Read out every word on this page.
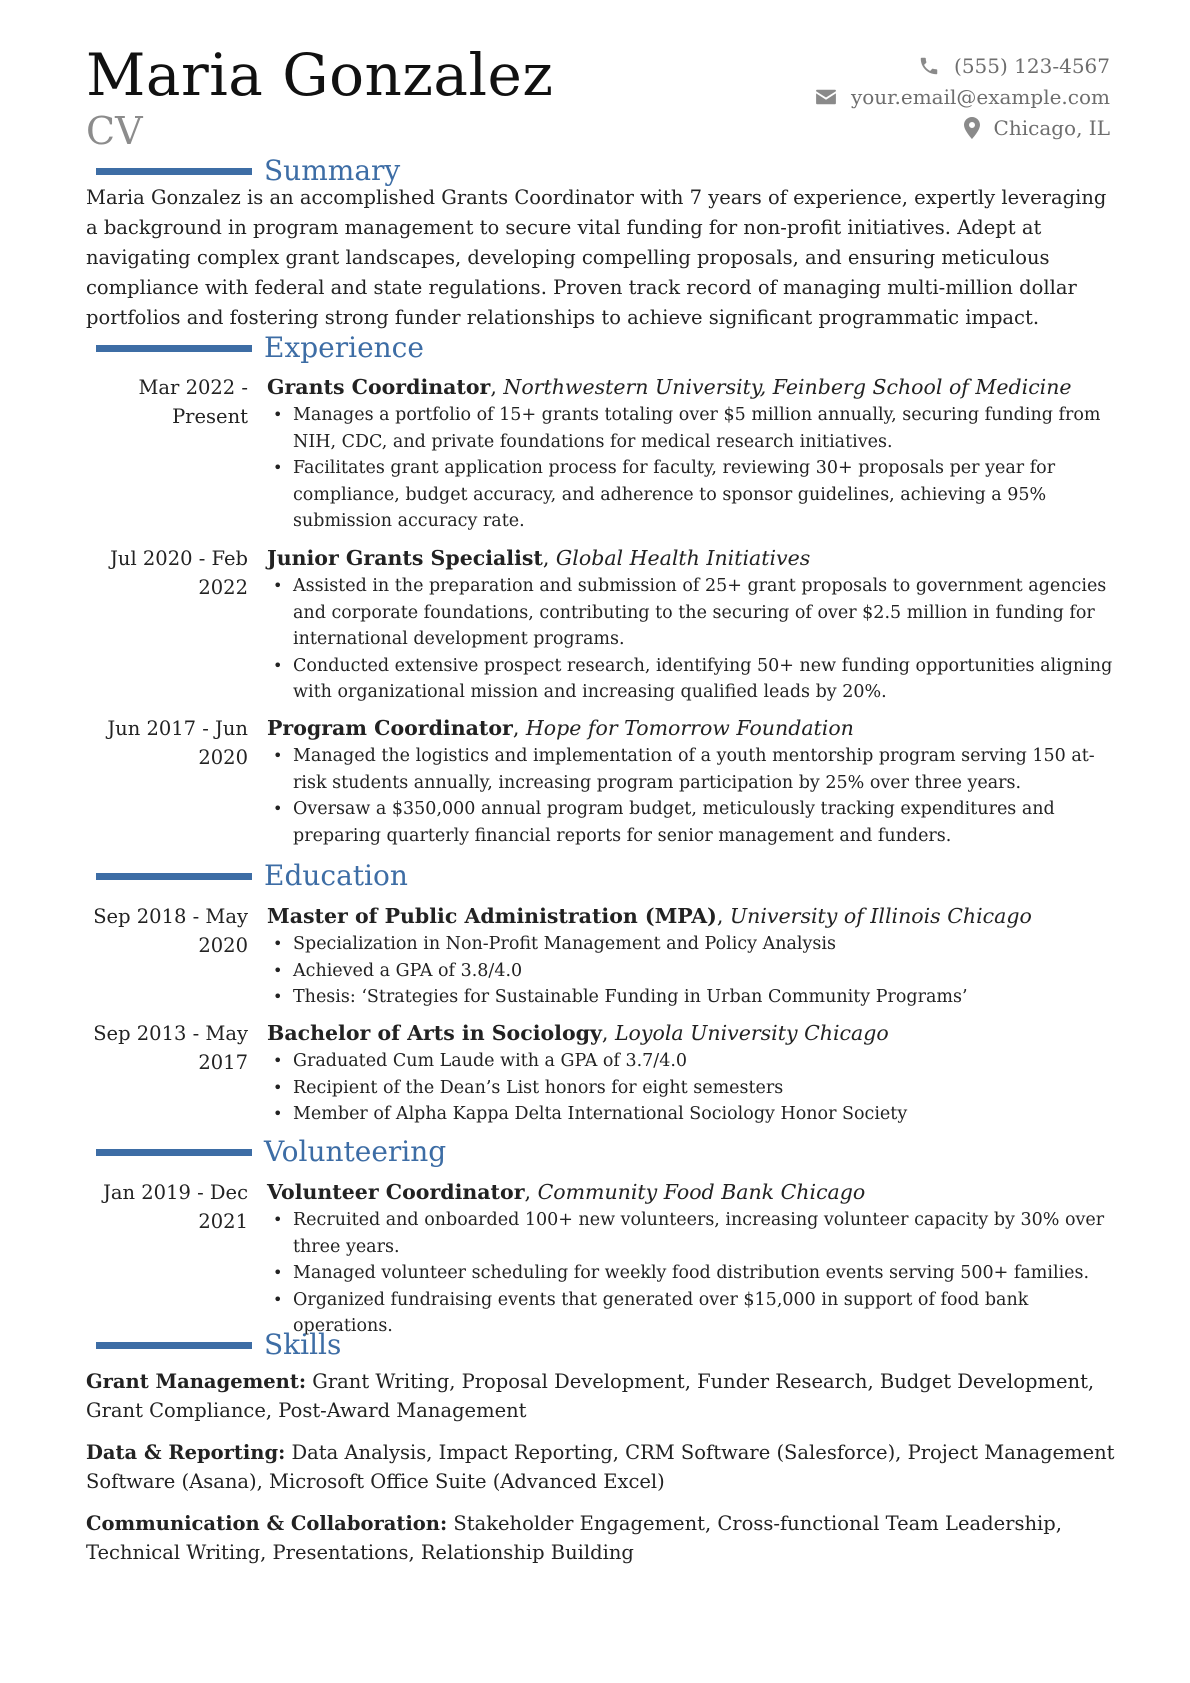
Maria Gonzalez
CV
(555) 123-4567
your.email@example.com
Chicago, IL
Summary
Maria Gonzalez is an accomplished Grants Coordinator with 7 years of experience, expertly leveraging a background in program management to secure vital funding for non-profit initiatives. Adept at navigating complex grant landscapes, developing compelling proposals, and ensuring meticulous compliance with federal and state regulations. Proven track record of managing multi-million dollar portfolios and fostering strong funder relationships to achieve significant programmatic impact.
Experience
Mar 2022 -
Present
Grants Coordinator, Northwestern University, Feinberg School of Medicine
• Manages a portfolio of 15+ grants totaling over $5 million annually, securing funding from NIH, CDC, and private foundations for medical research initiatives.
• Facilitates grant application process for faculty, reviewing 30+ proposals per year for compliance, budget accuracy, and adherence to sponsor guidelines, achieving a 95% submission accuracy rate.
Jul 2020 - Feb
2022
Junior Grants Specialist, Global Health Initiatives
• Assisted in the preparation and submission of 25+ grant proposals to government agencies and corporate foundations, contributing to the securing of over $2.5 million in funding for international development programs.
• Conducted extensive prospect research, identifying 50+ new funding opportunities aligning with organizational mission and increasing qualified leads by 20%.
Jun 2017 - Jun
2020
Program Coordinator, Hope for Tomorrow Foundation
• Managed the logistics and implementation of a youth mentorship program serving 150 at-risk students annually, increasing program participation by 25% over three years.
• Oversaw a $350,000 annual program budget, meticulously tracking expenditures and preparing quarterly financial reports for senior management and funders.
Education
Sep 2018 - May
2020
Master of Public Administration (MPA), University of Illinois Chicago
• Specialization in Non-Profit Management and Policy Analysis
• Achieved a GPA of 3.8/4.0
• Thesis: ‘Strategies for Sustainable Funding in Urban Community Programs’
Sep 2013 - May
2017
Bachelor of Arts in Sociology, Loyola University Chicago
• Graduated Cum Laude with a GPA of 3.7/4.0
• Recipient of the Dean’s List honors for eight semesters
• Member of Alpha Kappa Delta International Sociology Honor Society
Volunteering
Jan 2019 - Dec
2021
Volunteer Coordinator, Community Food Bank Chicago
• Recruited and onboarded 100+ new volunteers, increasing volunteer capacity by 30% over three years.
• Managed volunteer scheduling for weekly food distribution events serving 500+ families.
• Organized fundraising events that generated over $15,000 in support of food bank operations.
Skills
Grant Management: Grant Writing, Proposal Development, Funder Research, Budget Development, Grant Compliance, Post-Award Management
Data & Reporting: Data Analysis, Impact Reporting, CRM Software (Salesforce), Project Management Software (Asana), Microsoft Office Suite (Advanced Excel)
Communication & Collaboration: Stakeholder Engagement, Cross-functional Team Leadership, Technical Writing, Presentations, Relationship Building
